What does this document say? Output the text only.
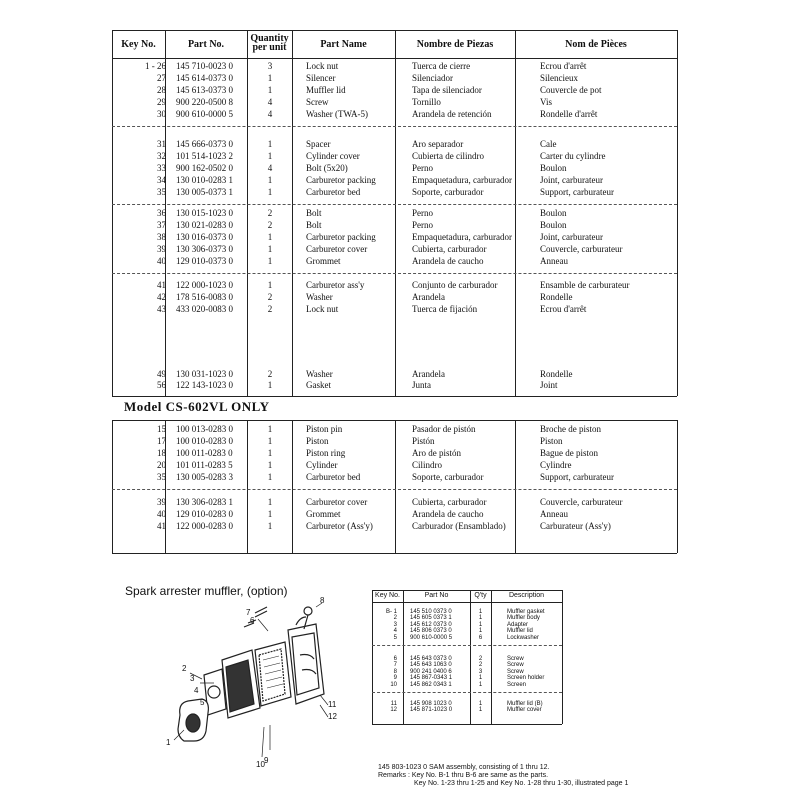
Key No.	Part No.
Quantity
per unit	Part Name	Nombre de Piezas	Nom de Pièces
1 - 26 145 710-0023 0	3	Lock nut	Tuerca de cierre	Ecrou d'arrêt
27 145 614-0373 0	1	Silencer	Silenciador	Silencieux
28 145 613-0373 0	1	Muffler lid	Tapa de silenciador	Couvercle de pot
29 900 220-0500 8	4	Screw	Tornillo	Vis
30 900 610-0000 5	4	Washer (TWA-5)	Arandela de retención	Rondelle d'arrêt
31 145 666-0373 0	1	Spacer	Aro separador	Cale
32 101 514-1023 2	1	Cylinder cover	Cubierta de cilindro	Carter du cylindre
33 900 162-0502 0	4	Bolt (5x20)	Perno	Boulon
34 130 010-0283 1	1	Carburetor packing	Empaquetadura, carburador	Joint, carburateur
35 130 005-0373 1	1	Carburetor bed	Soporte, carburador	Support, carburateur
36 130 015-1023 0	2	Bolt	Perno	Boulon
37 130 021-0283 0	2	Bolt	Perno	Boulon
38 130 016-0373 0	1	Carburetor packing	Empaquetadura, carburador	Joint, carburateur
39 130 306-0373 0	1	Carburetor cover	Cubierta, carburador	Couvercle, carburateur
40 129 010-0373 0	1	Grommet	Arandela de caucho	Anneau
41 122 000-1023 0	1	Carburetor ass'y	Conjunto de carburador	Ensamble de carburateur
42 178 516-0083 0	2	Washer	Arandela	Rondelle
43 433 020-0083 0	2	Lock nut	Tuerca de fijación	Ecrou d'arrêt
49 130 031-1023 0	2	Washer	Arandela	Rondelle
56 122 143-1023 0	1	Gasket	Junta	Joint
Model CS-602VL ONLY
15 100 013-0283 0	1	Piston pin	Pasador de pistón	Broche de piston
17 100 010-0283 0	1	Piston	Pistón	Piston
18 100 011-0283 0	1	Piston ring	Aro de pistón	Bague de piston
20 101 011-0283 5	1	Cylinder	Cilindro	Cylindre
35 130 005-0283 3	1	Carburetor bed	Soporte, carburador	Support, carburateur
39 130 306-0283 1	1	Carburetor cover	Cubierta, carburador	Couvercle, carburateur
40 129 010-0283 0	1	Grommet	Arandela de caucho	Anneau
41 122 000-0283 0	1	Carburetor (Ass'y)	Carburador (Ensamblado)	Carburateur (Ass'y)
Spark arrester muffler, (option)	Key No.	Part No	Q'ty	Description
B- 1 145 510 0373 0	1	Muffler gasket
2 145 605 0373 1	1	Muffler body
3 145 612 0373 0	1	Adapter
4 145 806 0373 0	1	Muffler lid
5 900 610-0000 5	6	Lockwasher
6 145 643 0373 0	2	Screw
7 145 643 1063 0	2	Screw
8 900 241 0400 6	3	Screw
9 145 867-0343 1	1	Screen holder
10 145 862 0343 1	1	Screen
11 145 908 1023 0	1	Muffler lid (B)
12 145 871-1023 0	1	Muffler cover
145 803-1023 0 SAM assembly, consisting of 1 thru 12.
Remarks : Key No. B-1 thru B-6 are same as the parts.
Key No. 1-23 thru 1-25 and Key No. 1-28 thru 1-30, illustrated page 1
1
2
3
4
5
6
7
8
9
10
11
12
